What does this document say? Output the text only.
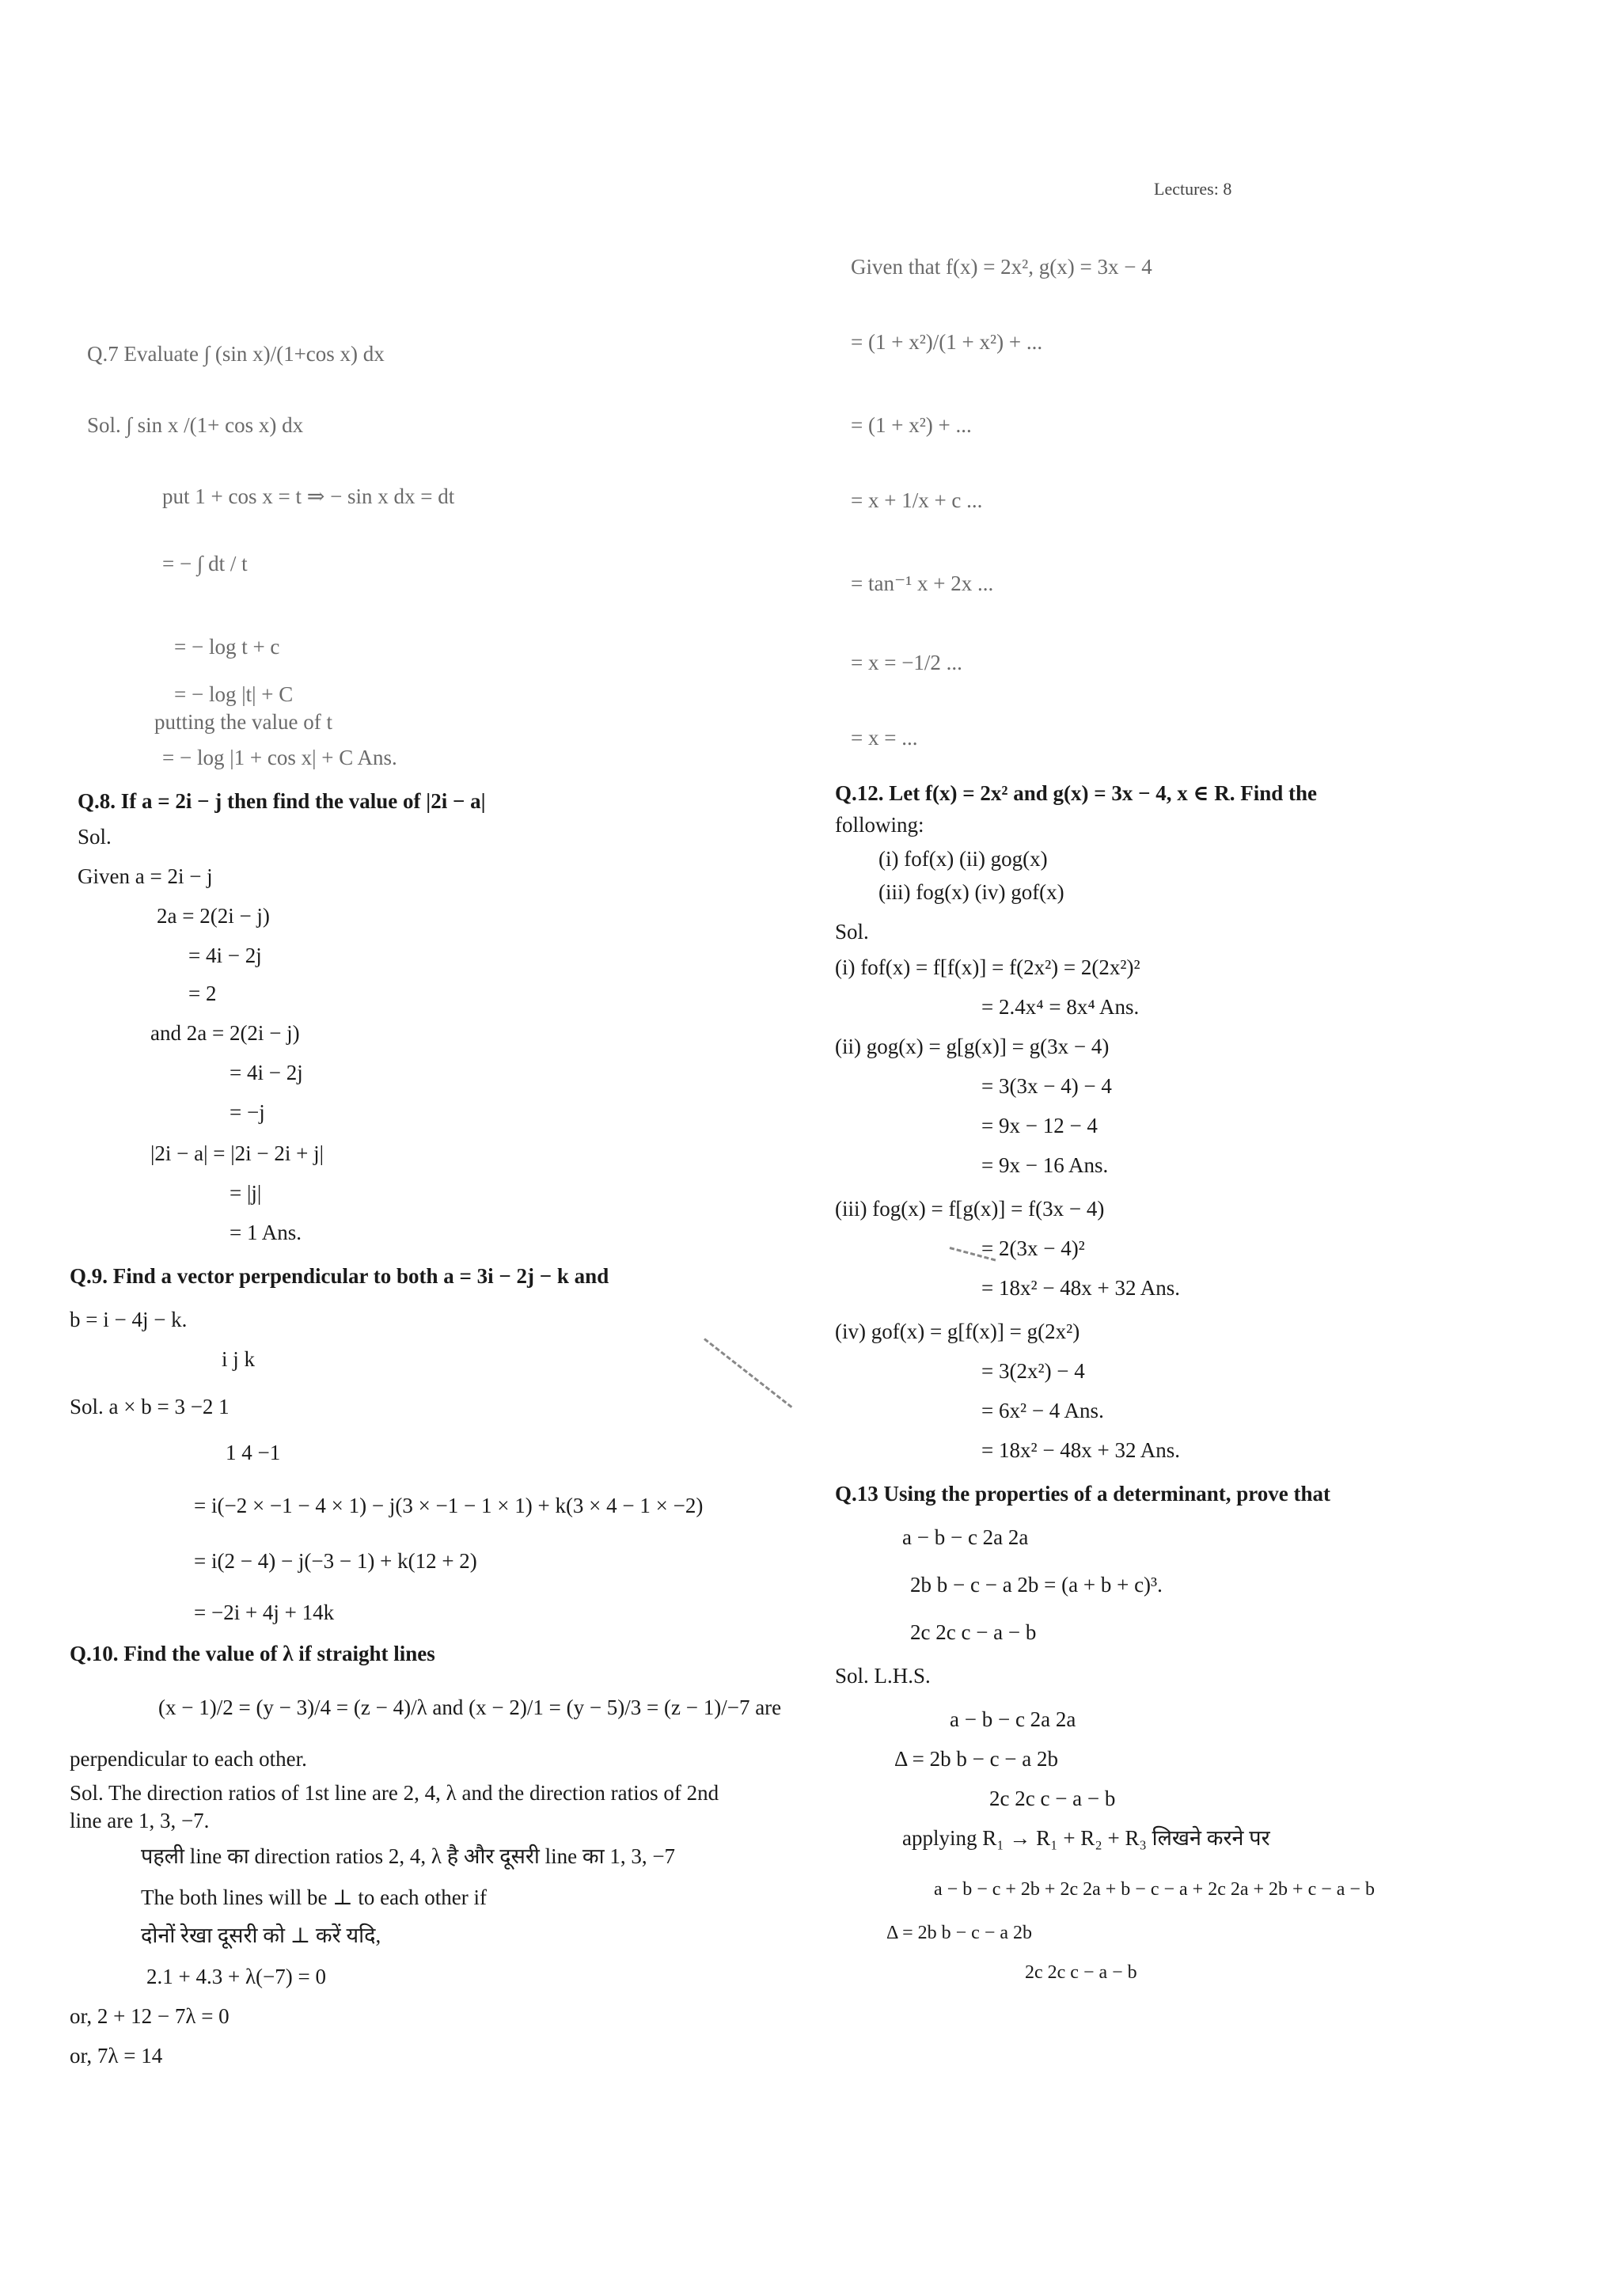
Lectures: 8
Q.7 Evaluate ∫ (sin x)/(1+cos x) dx
Sol. ∫ sin x /(1+ cos x) dx
put 1 + cos x = t ⇒ − sin x dx = dt
= − ∫ dt / t
= − log t + c
= − log |t| + C
putting the value of t
= − log |1 + cos x| + C Ans.
Q.8. If a = 2i − j then find the value of |2i − a|
Sol.
Given a = 2i − j
2a = 2(2i − j)
= 4i − 2j
= 2
and 2a = 2(2i − j)
= 4i − 2j
= −j
|2i − a| = |2i − 2i + j|
= |j|
= 1 Ans.
Q.9. Find a vector perpendicular to both a = 3i − 2j − k and
b = i − 4j − k.
i j k
Sol. a × b = 3 −2 1
1 4 −1
= i(−2 × −1 − 4 × 1) − j(3 × −1 − 1 × 1) + k(3 × 4 − 1 × −2)
= i(2 − 4) − j(−3 − 1) + k(12 + 2)
= −2i + 4j + 14k
Q.10. Find the value of λ if straight lines
(x − 1)/2 = (y − 3)/4 = (z − 4)/λ and (x − 2)/1 = (y − 5)/3 = (z − 1)/−7 are
perpendicular to each other.
Sol. The direction ratios of 1st line are 2, 4, λ and the direction ratios of 2nd
line are 1, 3, −7.
पहली line का direction ratios 2, 4, λ है और दूसरी line का 1, 3, −7
The both lines will be ⊥ to each other if
दोनों रेखा दूसरी को ⊥ करें यदि,
2.1 + 4.3 + λ(−7) = 0
or, 2 + 12 − 7λ = 0
or, 7λ = 14
Given that f(x) = 2x², g(x) = 3x − 4
= (1 + x²)/(1 + x²) + ...
= (1 + x²) + ...
= x + 1/x + c ...
= tan⁻¹ x + 2x ...
= x = −1/2 ...
= x = ...
Q.12. Let f(x) = 2x² and g(x) = 3x − 4, x ∈ R. Find the
following:
(i) fof(x) (ii) gog(x)
(iii) fog(x) (iv) gof(x)
Sol.
(i) fof(x) = f[f(x)] = f(2x²) = 2(2x²)²
= 2.4x⁴ = 8x⁴ Ans.
(ii) gog(x) = g[g(x)] = g(3x − 4)
= 3(3x − 4) − 4
= 9x − 12 − 4
= 9x − 16 Ans.
(iii) fog(x) = f[g(x)] = f(3x − 4)
= 2(3x − 4)²
= 18x² − 48x + 32 Ans.
(iv) gof(x) = g[f(x)] = g(2x²)
= 3(2x²) − 4
= 6x² − 4 Ans.
= 18x² − 48x + 32 Ans.
Q.13 Using the properties of a determinant, prove that
a − b − c 2a 2a
2b b − c − a 2b = (a + b + c)³.
2c 2c c − a − b
Sol. L.H.S.
a − b − c 2a 2a
Δ = 2b b − c − a 2b
2c 2c c − a − b
applying R₁ → R₁ + R₂ + R₃ लिखने करने पर
a − b − c + 2b + 2c 2a + b − c − a + 2c 2a + 2b + c − a − b
Δ = 2b b − c − a 2b
2c 2c c − a − b
